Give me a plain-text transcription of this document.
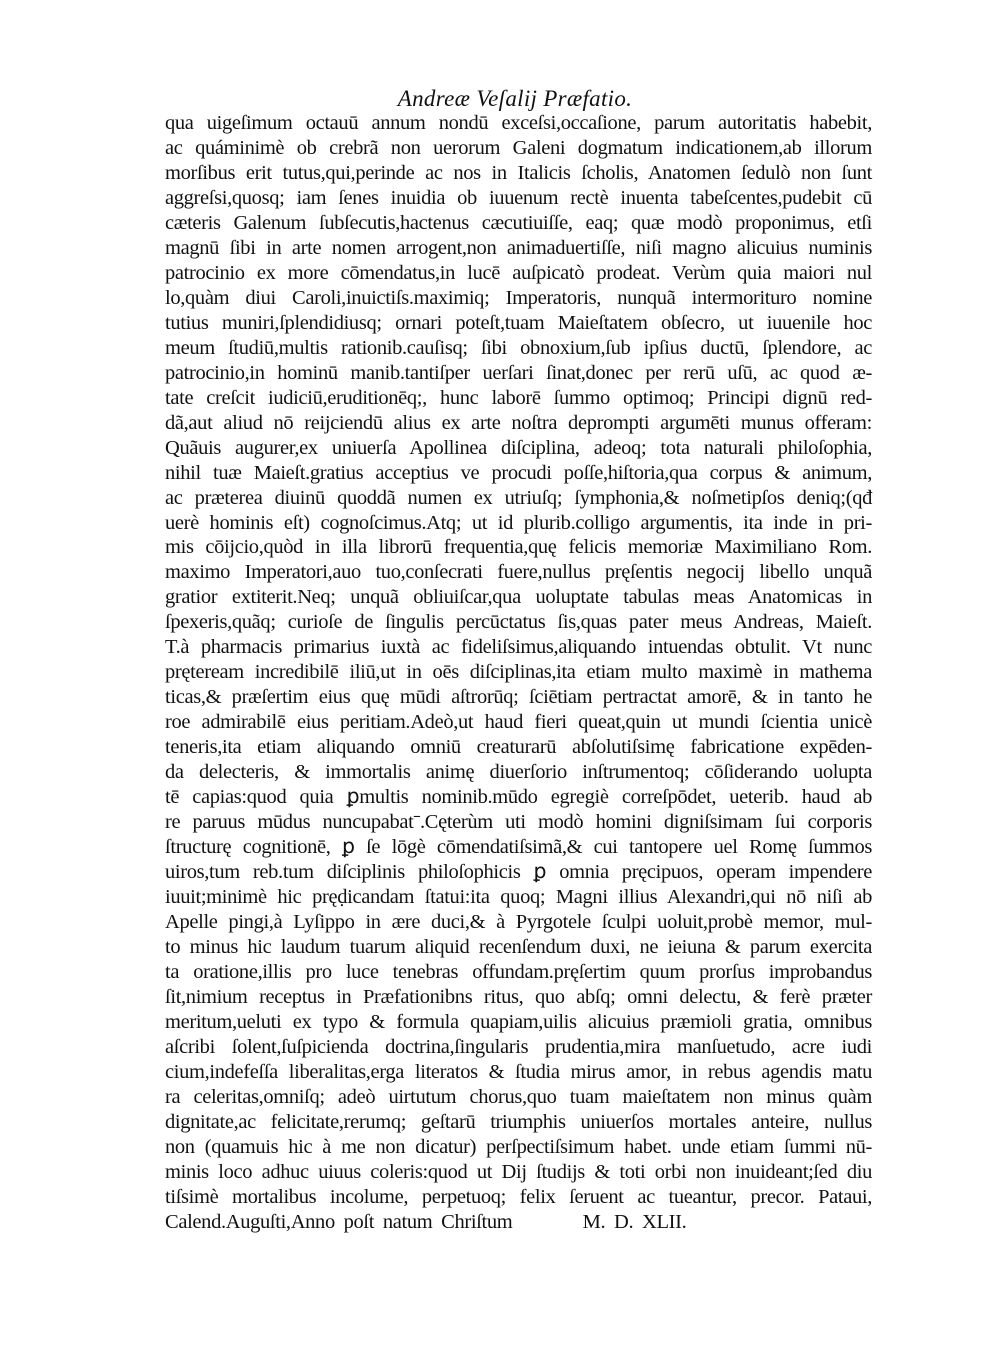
Andreæ Veſalij Præfatio.
qua uigeſimum octauū annum nondū exceſsi,occaſione, parum autoritatis habebit,
ac quáminimè ob crebrã non uerorum Galeni dogmatum indicationem,ab illorum
morſibus erit tutus,qui,perinde ac nos in Italicis ſcholis, Anatomen ſedulò non ſunt
aggreſsi,quosq; iam ſenes inuidia ob iuuenum rectè inuenta tabeſcentes,pudebit cū
cæteris Galenum ſubſecutis,hactenus cæcutiuiſſe, eaq; quæ modò proponimus, etſi
magnū ſibi in arte nomen arrogent,non animaduertiſſe, niſi magno alicuius numinis
patrocinio ex more cōmendatus,in lucē auſpicatò prodeat. Verùm quia maiori nul
lo,quàm diui Caroli,inuictiſs.maximiq; Imperatoris, nunquã intermorituro nomine
tutius muniri,ſplendidiusq; ornari poteſt,tuam Maieſtatem obſecro, ut iuuenile hoc
meum ſtudiū,multis rationib.cauſisq; ſibi obnoxium,ſub ipſius ductū, ſplendore, ac
patrocinio,in hominū manib.tantiſper uerſari ſinat,donec per rerū uſū, ac quod æ-
tate creſcit iudiciū,eruditionēq;, hunc laborē ſummo optimoq; Principi dignū red-
dã,aut aliud nō reijciendū alius ex arte noſtra deprompti argumēti munus offeram:
Quãuis augurer,ex uniuerſa Apollinea diſciplina, adeoq; tota naturali philoſophia,
nihil tuæ Maieſt.gratius acceptius ve procudi poſſe,hiſtoria,qua corpus & animum,
ac præterea diuinū quoddã numen ex utriuſq; ſymphonia,& noſmetipſos deniq;(qđ
uerè hominis eſt) cognoſcimus.Atq; ut id plurib.colligo argumentis, ita inde in pri-
mis cōijcio,quòd in illa librorū frequentia,quę felicis memoriæ Maximiliano Rom.
maximo Imperatori,auo tuo,conſecrati fuere,nullus pręſentis negocij libello unquã
gratior extiterit.Neq; unquã obliuiſcar,qua uoluptate tabulas meas Anatomicas in
ſpexeris,quãq; curioſe de ſingulis percūctatus ſis,quas pater meus Andreas, Maieſt.
T.à pharmacis primarius iuxtà ac fideliſsimus,aliquando intuendas obtulit. Vt nunc
pręteream incredibilē iliū,ut in oēs diſciplinas,ita etiam multo maximè in mathema
ticas,& præſertim eius quę mūdi aſtrorūq; ſciētiam pertractat amorē, & in tanto he
roe admirabilē eius peritiam.Adeò,ut haud fieri queat,quin ut mundi ſcientia unicè
teneris,ita etiam aliquando omniū creaturarū abſolutiſsimę fabricatione expēden-
da delecteris, & immortalis animę diuerſorio inſtrumentoq; cōſiderando uolupta
tē capias:quod quia ꝑmultis nominib.mūdo egregiè correſpōdet, ueterib. haud ab
re paruus mūdus nuncupabatˉ.Cęterùm uti modò homini digniſsimam ſui corporis
ſtructurę cognitionē, ꝑ ſe lōgè cōmendatiſsimã,& cui tantopere uel Romę ſummos
uiros,tum reb.tum diſciplinis philoſophicis ꝑ omnia pręcipuos, operam impendere
iuuit;minimè hic pręḍicandam ſtatui:ita quoq; Magni illius Alexandri,qui nō niſi ab
Apelle pingi,à Lyſippo in ære duci,& à Pyrgotele ſculpi uoluit,probè memor, mul-
to minus hic laudum tuarum aliquid recenſendum duxi, ne ieiuna & parum exercita
ta oratione,illis pro luce tenebras offundam.pręſertim quum prorſus improbandus
ſit,nimium receptus in Præfationibns ritus, quo abſq; omni delectu, & ferè præter
meritum,ueluti ex typo & formula quapiam,uilis alicuius præmioli gratia, omnibus
aſcribi ſolent,ſuſpicienda doctrina,ſingularis prudentia,mira manſuetudo, acre iudi
cium,indefeſſa liberalitas,erga literatos & ſtudia mirus amor, in rebus agendis matu
ra celeritas,omniſq; adeò uirtutum chorus,quo tuam maieſtatem non minus quàm
dignitate,ac felicitate,rerumq; geſtarū triumphis uniuerſos mortales anteire, nullus
non (quamuis hic à me non dicatur) perſpectiſsimum habet. unde etiam ſummi nū-
minis loco adhuc uiuus coleris:quod ut Dij ſtudijs & toti orbi non inuideant;ſed diu
tiſsimè mortalibus incolume, perpetuoq; felix ſeruent ac tueantur, precor. Pataui,
Calend.Auguſti,Anno poſt natum Chriſtum        M. D. XLII.
